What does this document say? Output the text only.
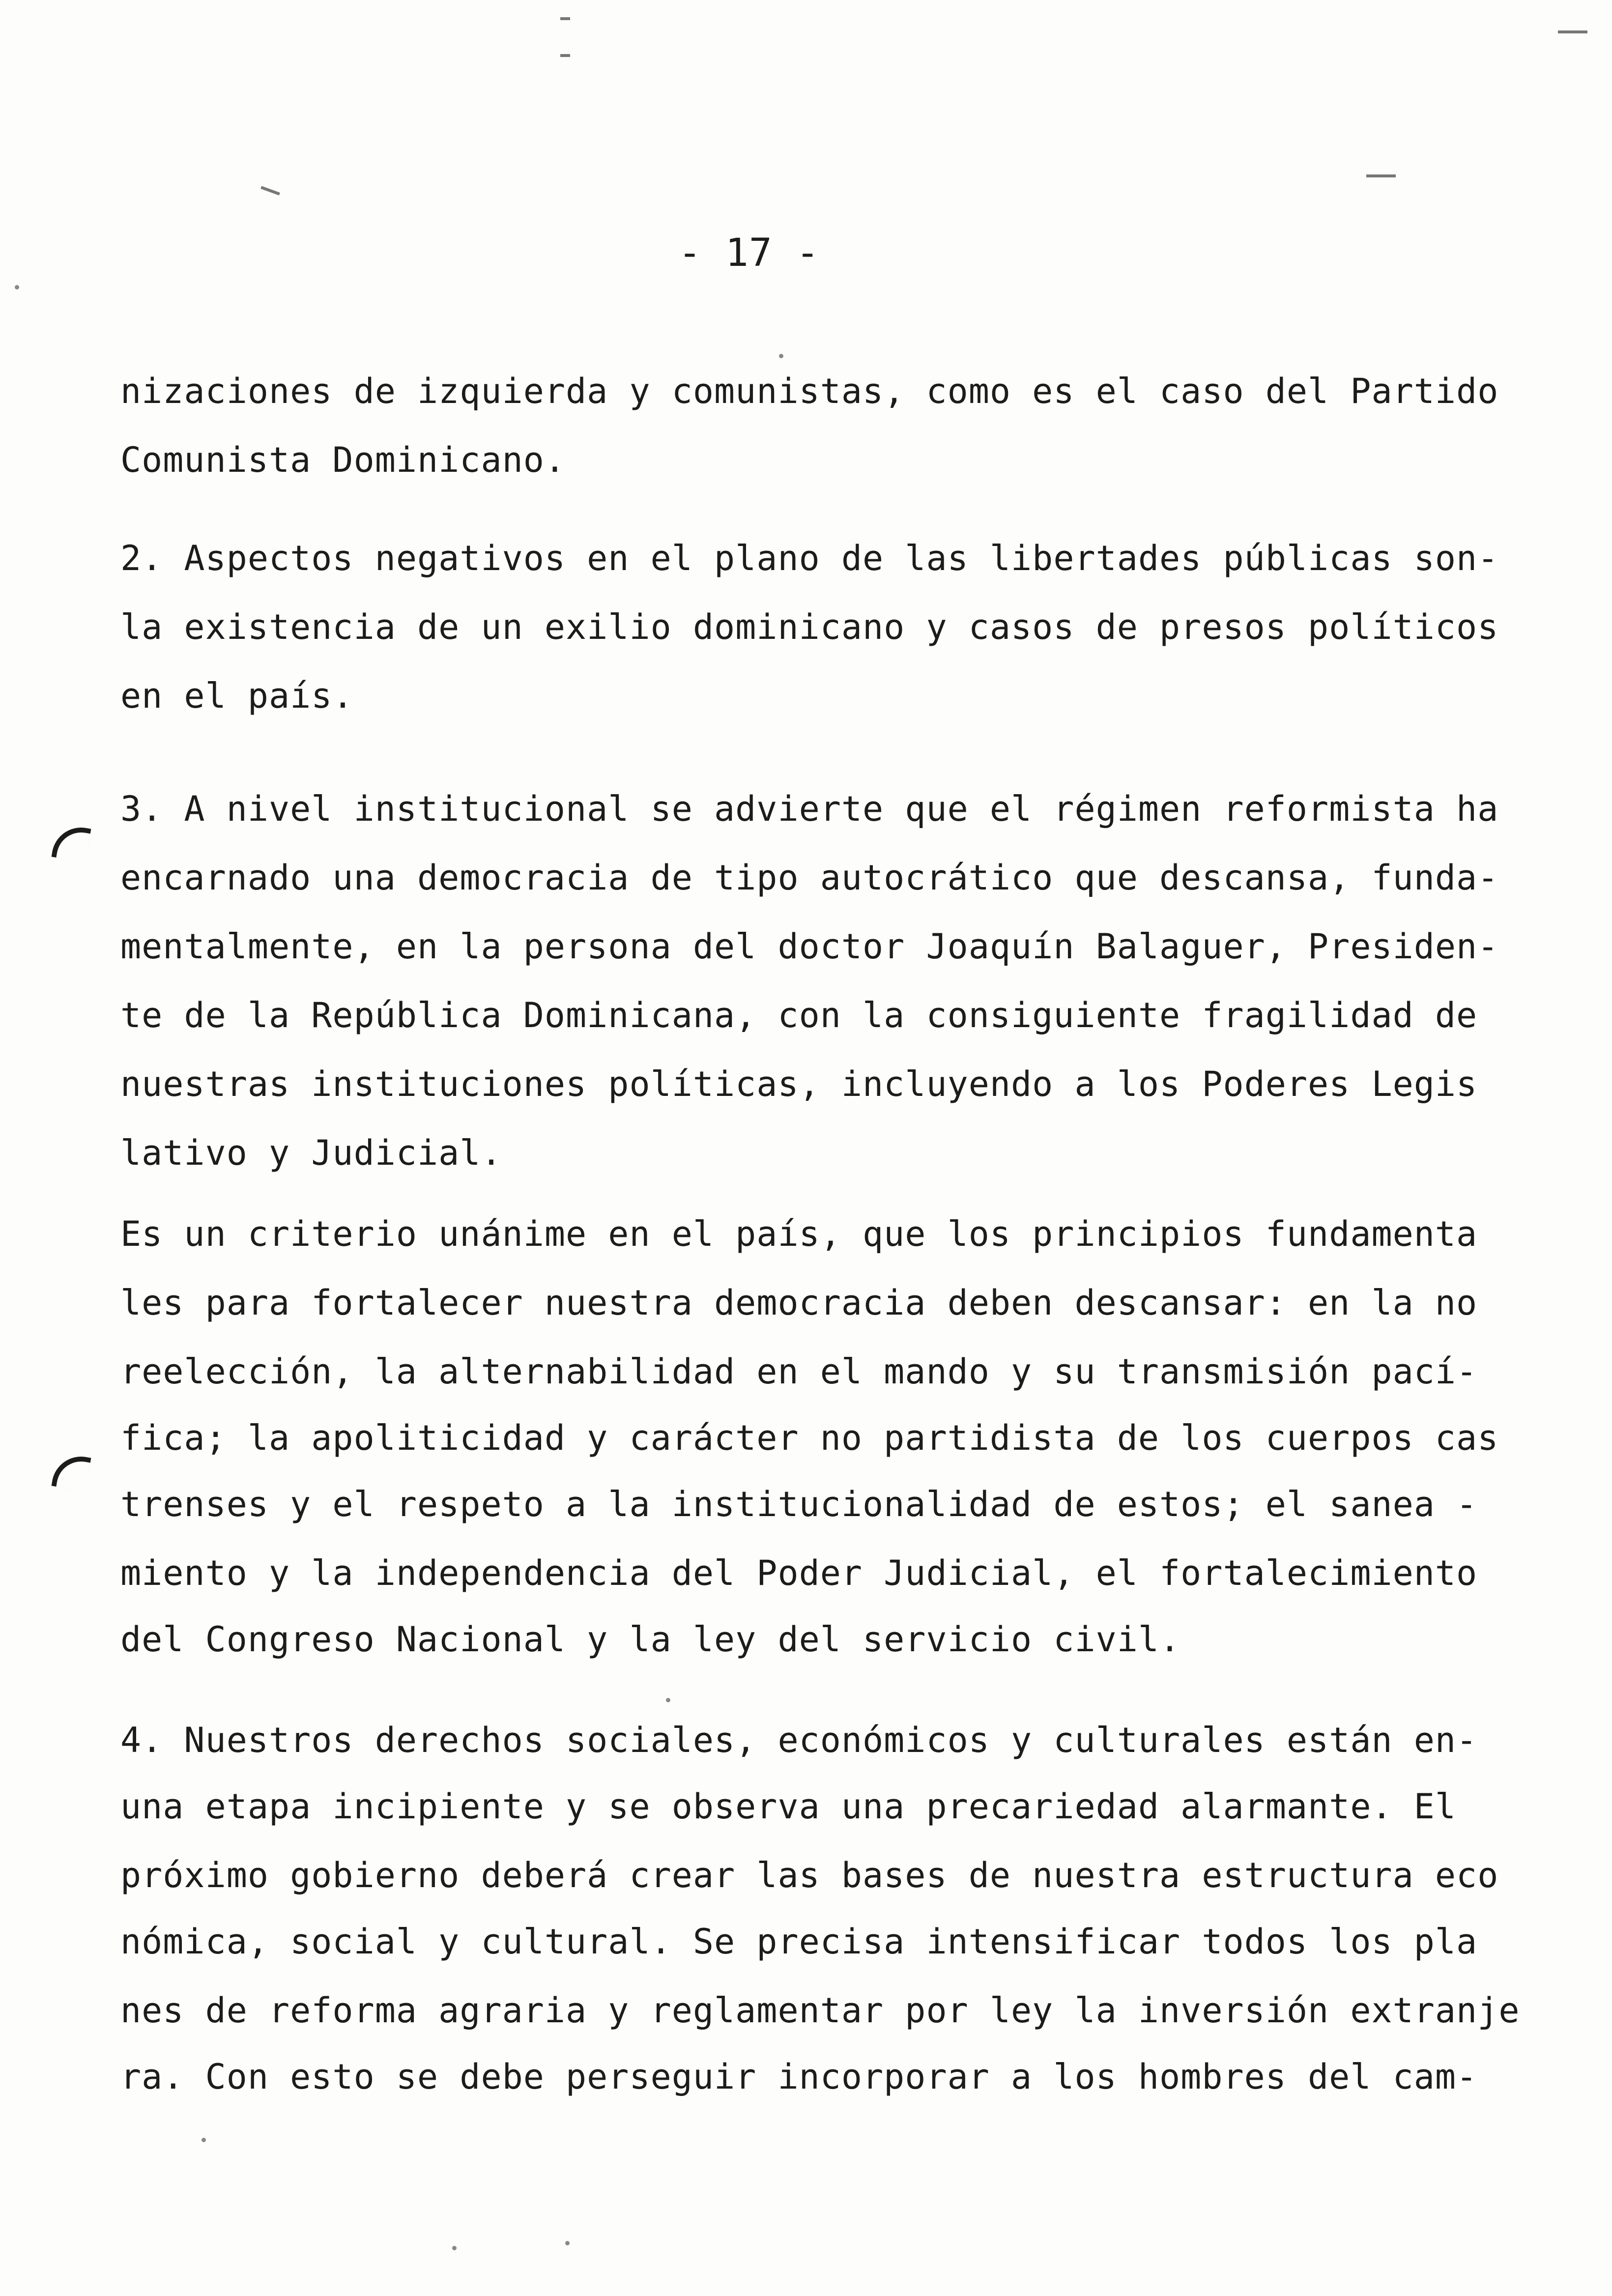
- 17 -
nizaciones de izquierda y comunistas, como es el caso del Partido
Comunista Dominicano.
2. Aspectos negativos en el plano de las libertades públicas son-
la existencia de un exilio dominicano y casos de presos políticos
en el país.
3. A nivel institucional se advierte que el régimen reformista ha
encarnado una democracia de tipo autocrático que descansa, funda-
mentalmente, en la persona del doctor Joaquín Balaguer, Presiden-
te de la República Dominicana, con la consiguiente fragilidad de
nuestras instituciones políticas, incluyendo a los Poderes Legis
lativo y Judicial.
Es un criterio unánime en el país, que los principios fundamenta
les para fortalecer nuestra democracia deben descansar: en la no
reelección, la alternabilidad en el mando y su transmisión pací-
fica; la apoliticidad y carácter no partidista de los cuerpos cas
trenses y el respeto a la institucionalidad de estos; el sanea -
miento y la independencia del Poder Judicial, el fortalecimiento
del Congreso Nacional y la ley del servicio civil.
4. Nuestros derechos sociales, económicos y culturales están en-
una etapa incipiente y se observa una precariedad alarmante. El
próximo gobierno deberá crear las bases de nuestra estructura eco
nómica, social y cultural. Se precisa intensificar todos los pla
nes de reforma agraria y reglamentar por ley la inversión extranje
ra. Con esto se debe perseguir incorporar a los hombres del cam-
